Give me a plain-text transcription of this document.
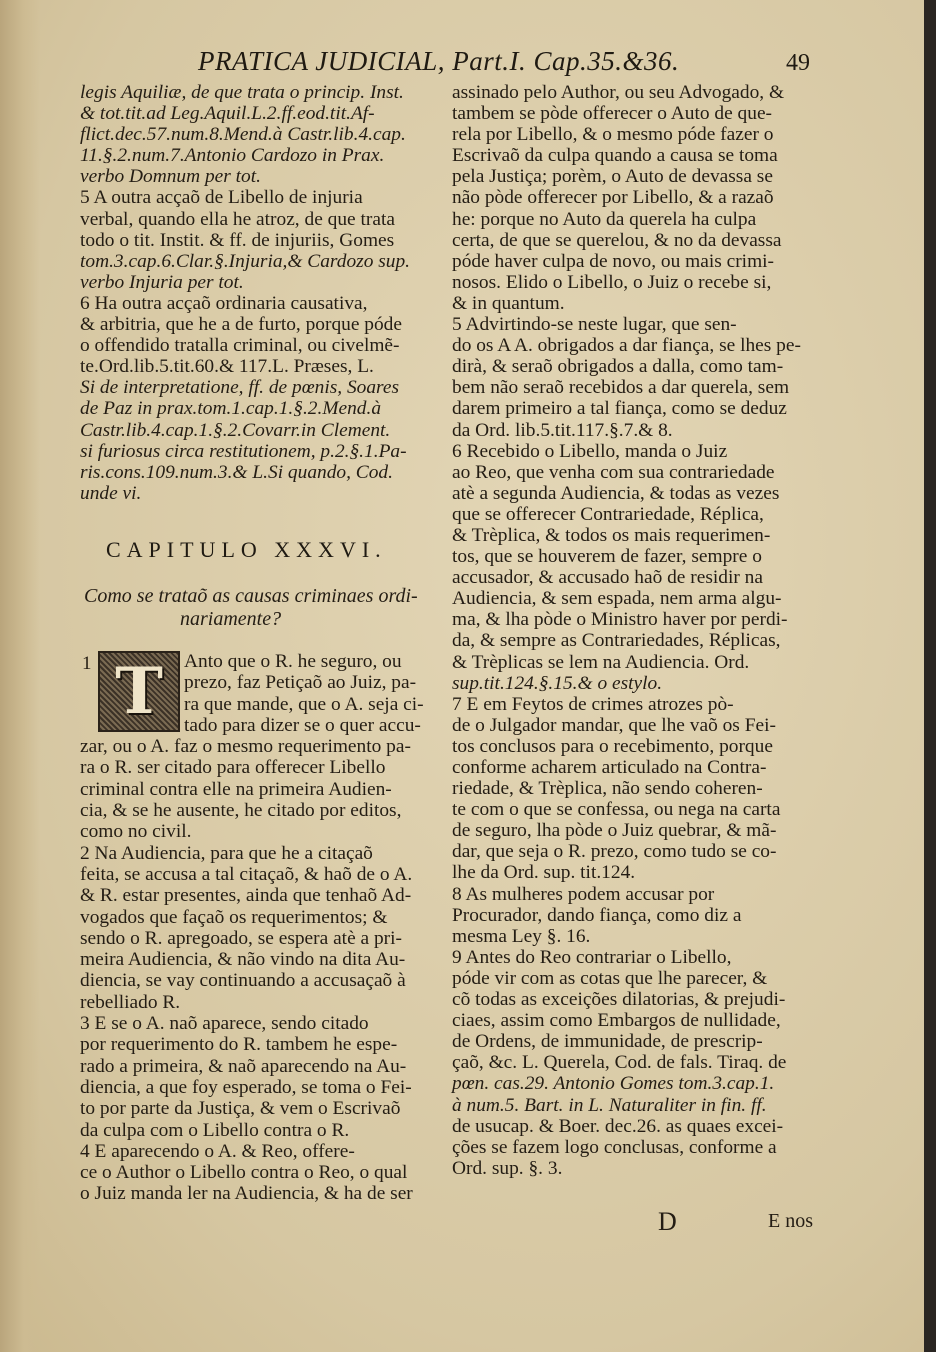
PRATICA JUDICIAL, Part.I. Cap.35.&36.	49
legis Aquiliæ, de que trata o princip. Inst.
& tot.tit.ad Leg.Aquil.L.2.ff.eod.tit.Af-
flict.dec.57.num.8.Mend.à Castr.lib.4.cap.
11.§.2.num.7.Antonio Cardozo in Prax.
verbo Domnum per tot.
5 A outra acçaõ de Libello de injuria
verbal, quando ella he atroz, de que trata
todo o tit. Instit. & ff. de injuriis, Gomes
tom.3.cap.6.Clar.§.Injuria,& Cardozo sup.
verbo Injuria per tot.
6 Ha outra acçaõ ordinaria causativa,
& arbitria, que he a de furto, porque póde
o offendido tratalla criminal, ou civelmẽ-
te.Ord.lib.5.tit.60.& 117.L. Præses, L.
Si de interpretatione, ff. de pœnis, Soares
de Paz in prax.tom.1.cap.1.§.2.Mend.à
Castr.lib.4.cap.1.§.2.Covarr.in Clement.
si furiosus circa restitutionem, p.2.§.1.Pa-
ris.cons.109.num.3.& L.Si quando, Cod.
unde vi.
CAPITULO XXXVI.
Como se trataõ as causas criminaes ordi-
nariamente?
1 T	Anto que o R. he seguro, ou
prezo, faz Petiçaõ ao Juiz, pa-
ra que mande, que o A. seja ci-
tado para dizer se o quer accu-
zar, ou o A. faz o mesmo requerimento pa-
ra o R. ser citado para offerecer Libello
criminal contra elle na primeira Audien-
cia, & se he ausente, he citado por editos,
como no civil.
2 Na Audiencia, para que he a citaçaõ
feita, se accusa a tal citaçaõ, & haõ de o A.
& R. estar presentes, ainda que tenhaõ Ad-
vogados que façaõ os requerimentos; &
sendo o R. apregoado, se espera atè a pri-
meira Audiencia, & não vindo na dita Au-
diencia, se vay continuando a accusaçaõ à
rebelliado R.
3 E se o A. naõ aparece, sendo citado
por requerimento do R. tambem he espe-
rado a primeira, & naõ aparecendo na Au-
diencia, a que foy esperado, se toma o Fei-
to por parte da Justiça, & vem o Escrivaõ
da culpa com o Libello contra o R.
4 E aparecendo o A. & Reo, offere-
ce o Author o Libello contra o Reo, o qual
o Juiz manda ler na Audiencia, & ha de ser
assinado pelo Author, ou seu Advogado, &
tambem se pòde offerecer o Auto de que-
rela por Libello, & o mesmo póde fazer o
Escrivaõ da culpa quando a causa se toma
pela Justiça; porèm, o Auto de devassa se
não pòde offerecer por Libello, & a razaõ
he: porque no Auto da querela ha culpa
certa, de que se querelou, & no da devassa
póde haver culpa de novo, ou mais crimi-
nosos. Elido o Libello, o Juiz o recebe si,
& in quantum.
5 Advirtindo-se neste lugar, que sen-
do os A A. obrigados a dar fiança, se lhes pe-
dirà, & seraõ obrigados a dalla, como tam-
bem não seraõ recebidos a dar querela, sem
darem primeiro a tal fiança, como se deduz
da Ord. lib.5.tit.117.§.7.& 8.
6 Recebido o Libello, manda o Juiz
ao Reo, que venha com sua contrariedade
atè a segunda Audiencia, & todas as vezes
que se offerecer Contrariedade, Réplica,
& Trèplica, & todos os mais requerimen-
tos, que se houverem de fazer, sempre o
accusador, & accusado haõ de residir na
Audiencia, & sem espada, nem arma algu-
ma, & lha pòde o Ministro haver por perdi-
da, & sempre as Contrariedades, Réplicas,
& Trèplicas se lem na Audiencia. Ord.
sup.tit.124.§.15.& o estylo.
7 E em Feytos de crimes atrozes pò-
de o Julgador mandar, que lhe vaõ os Fei-
tos conclusos para o recebimento, porque
conforme acharem articulado na Contra-
riedade, & Trèplica, não sendo coheren-
te com o que se confessa, ou nega na carta
de seguro, lha pòde o Juiz quebrar, & mã-
dar, que seja o R. prezo, como tudo se co-
lhe da Ord. sup. tit.124.
8 As mulheres podem accusar por
Procurador, dando fiança, como diz a
mesma Ley §. 16.
9 Antes do Reo contrariar o Libello,
póde vir com as cotas que lhe parecer, &
cõ todas as exceições dilatorias, & prejudi-
ciaes, assim como Embargos de nullidade,
de Ordens, de immunidade, de prescrip-
çaõ, &c. L. Querela, Cod. de fals. Tiraq. de
pœn. cas.29. Antonio Gomes tom.3.cap.1.
à num.5. Bart. in L. Naturaliter in fin. ff.
de usucap. & Boer. dec.26. as quaes excei-
ções se fazem logo conclusas, conforme a
Ord. sup. §. 3.
D	E nos
